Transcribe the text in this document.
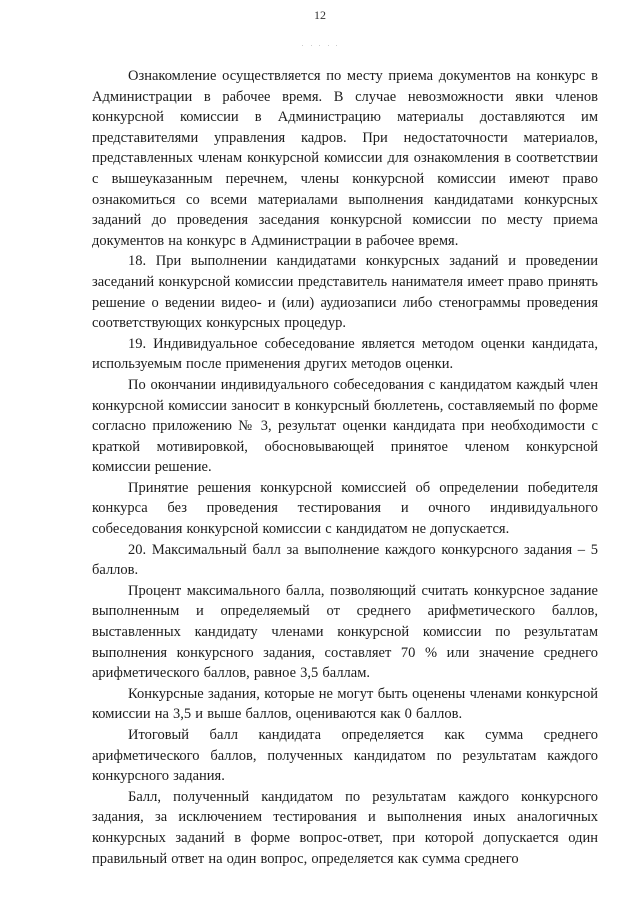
12

Ознакомление осуществляется по месту приема документов на конкурс в Администрации в рабочее время. В случае невозможности явки членов конкурсной комиссии в Администрацию материалы доставляются им представителями управления кадров. При недостаточности материалов, представленных членам конкурсной комиссии для ознакомления в соответствии с вышеуказанным перечнем, члены конкурсной комиссии имеют право ознакомиться со всеми материалами выполнения кандидатами конкурсных заданий до проведения заседания конкурсной комиссии по месту приема документов на конкурс в Администрации в рабочее время.

18. При выполнении кандидатами конкурсных заданий и проведении заседаний конкурсной комиссии представитель нанимателя имеет право принять решение о ведении видео- и (или) аудиозаписи либо стенограммы проведения соответствующих конкурсных процедур.

19. Индивидуальное собеседование является методом оценки кандидата, используемым после применения других методов оценки.

По окончании индивидуального собеседования с кандидатом каждый член конкурсной комиссии заносит в конкурсный бюллетень, составляемый по форме согласно приложению № 3, результат оценки кандидата при необходимости с краткой мотивировкой, обосновывающей принятое членом конкурсной комиссии решение.

Принятие решения конкурсной комиссией об определении победителя конкурса без проведения тестирования и очного индивидуального собеседования конкурсной комиссии с кандидатом не допускается.

20. Максимальный балл за выполнение каждого конкурсного задания – 5 баллов.

Процент максимального балла, позволяющий считать конкурсное задание выполненным и определяемый от среднего арифметического баллов, выставленных кандидату членами конкурсной комиссии по результатам выполнения конкурсного задания, составляет 70 % или значение среднего арифметического баллов, равное 3,5 баллам.

Конкурсные задания, которые не могут быть оценены членами конкурсной комиссии на 3,5 и выше баллов, оцениваются как 0 баллов.

Итоговый балл кандидата определяется как сумма среднего арифметического баллов, полученных кандидатом по результатам каждого конкурсного задания.

Балл, полученный кандидатом по результатам каждого конкурсного задания, за исключением тестирования и выполнения иных аналогичных конкурсных заданий в форме вопрос-ответ, при которой допускается один правильный ответ на один вопрос, определяется как сумма среднего
